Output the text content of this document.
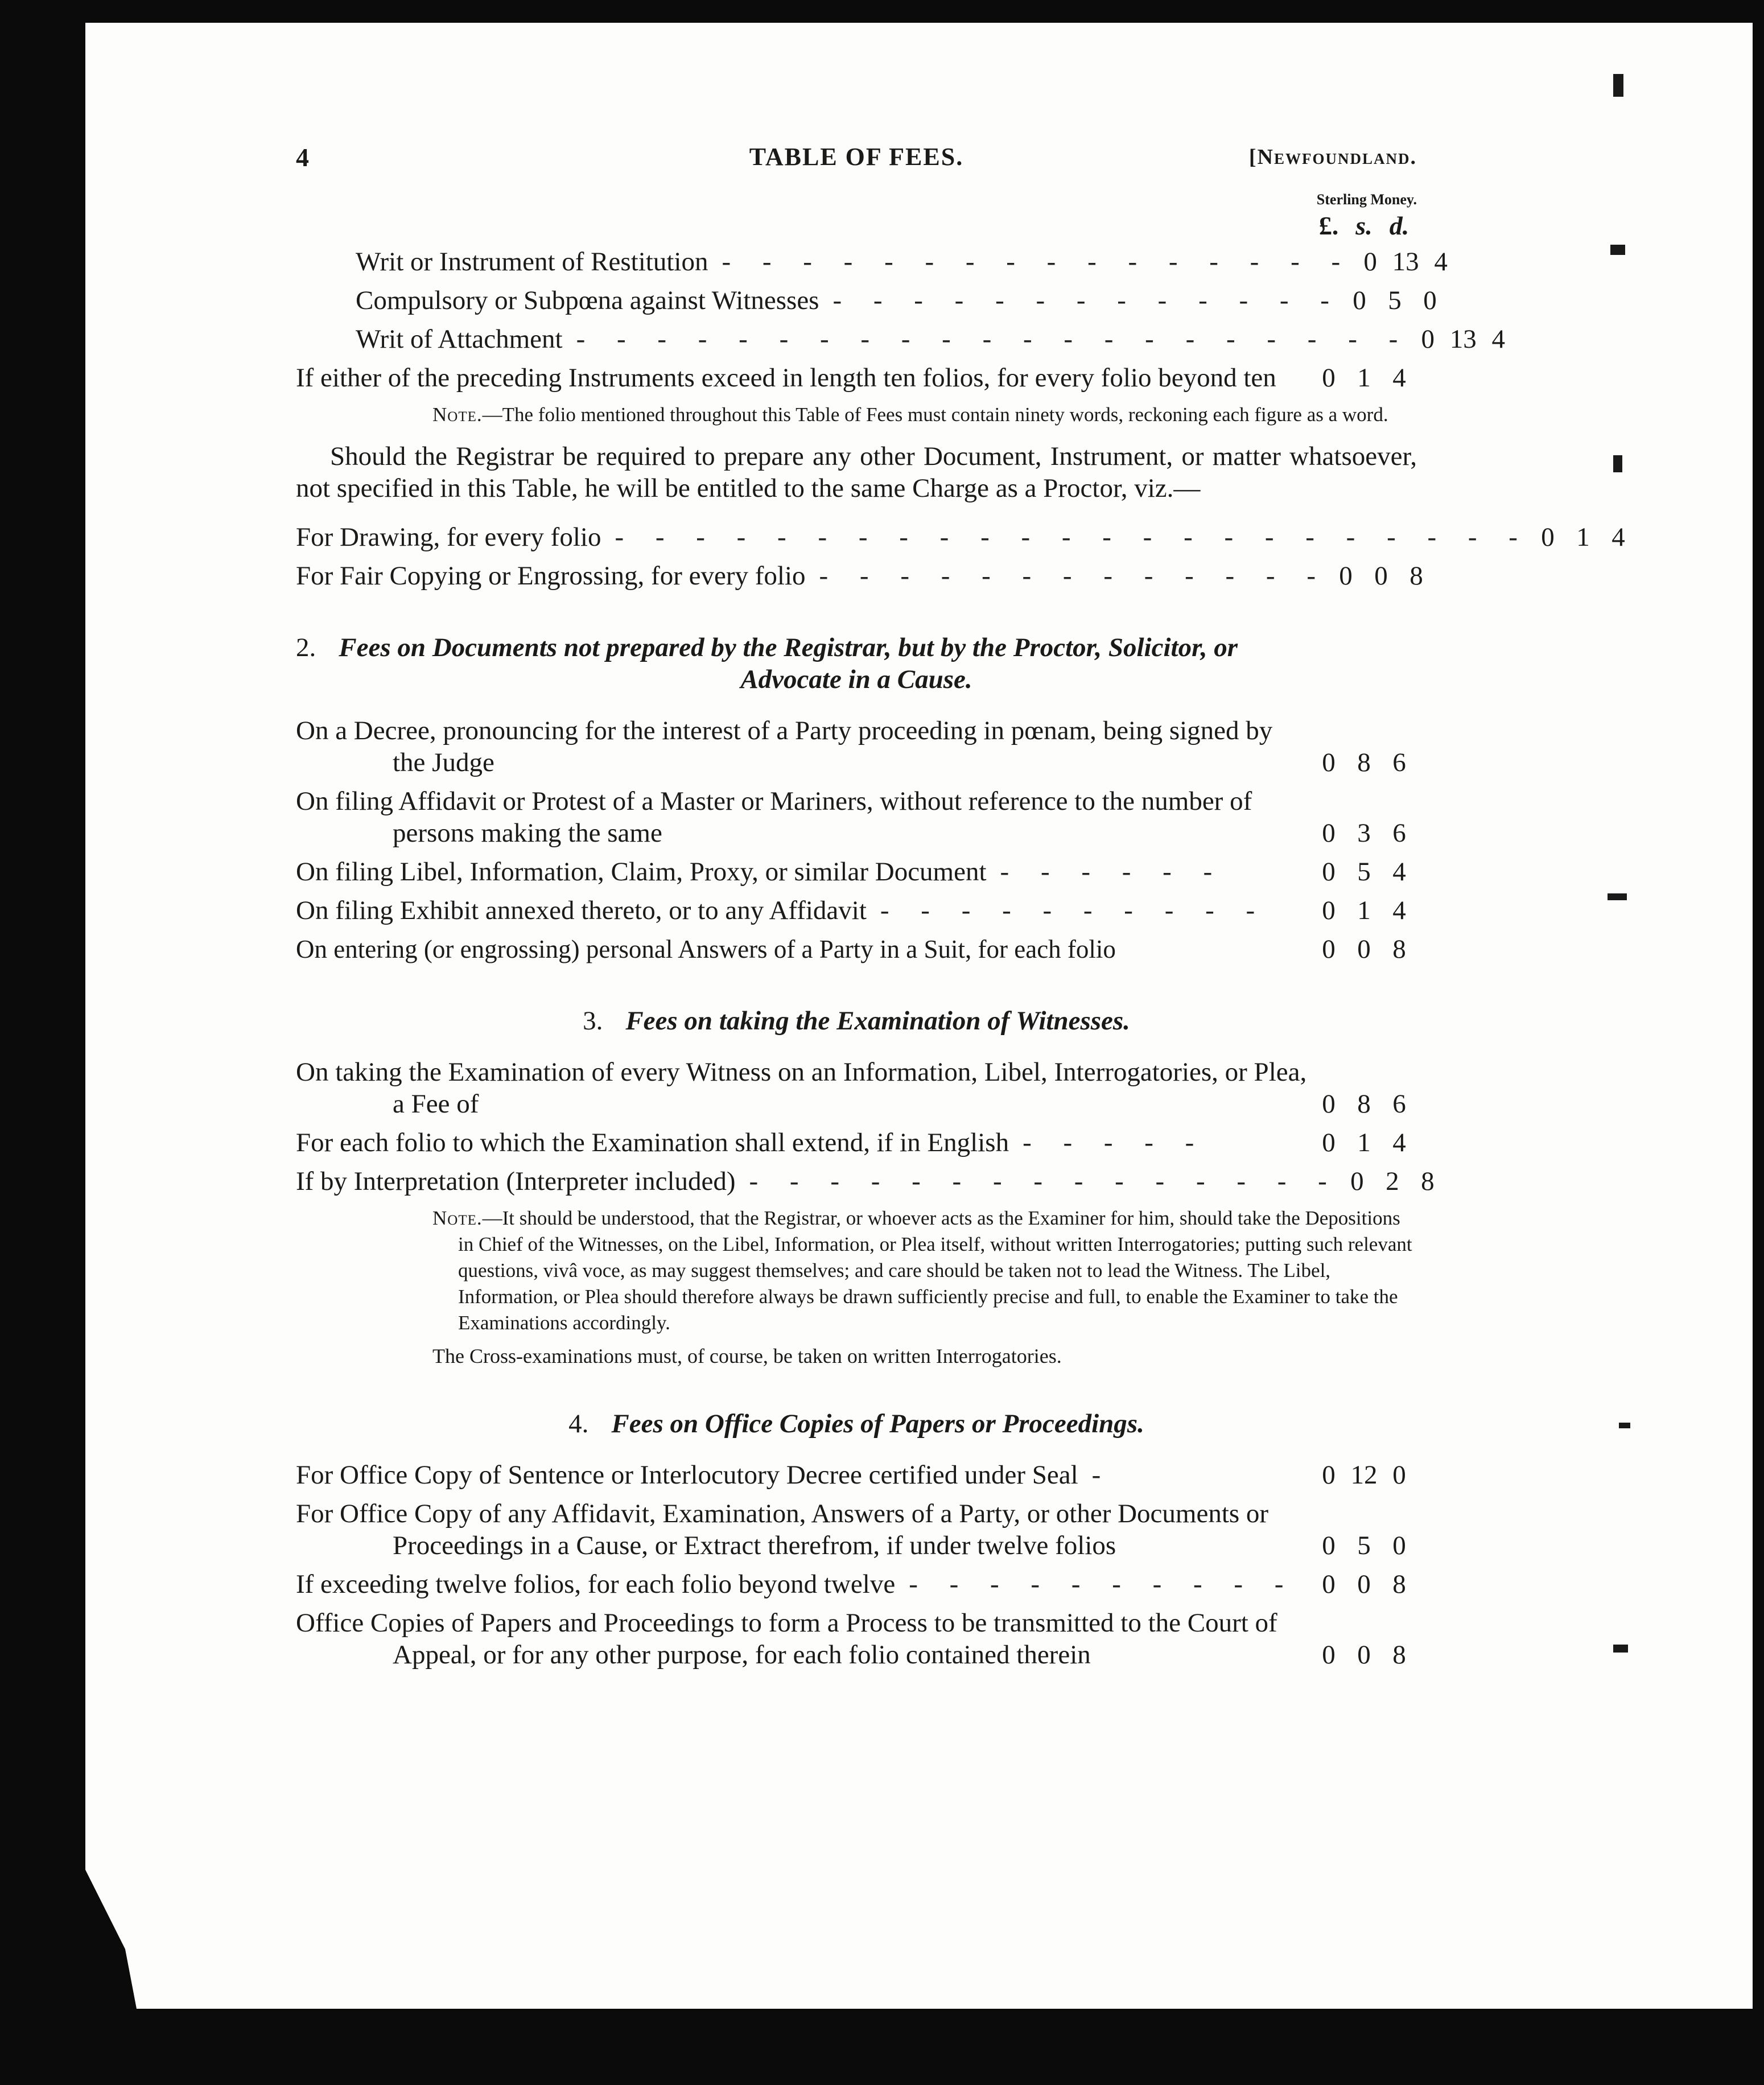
4	TABLE OF FEES.	[Newfoundland.
Sterling Money.
£. s. d.
Writ or Instrument of Restitution - - - - - - - - - - - - - - - - 0 13 4
Compulsory or Subpœna against Witnesses - - - - - - - - - - - - - 0 5 0
Writ of Attachment - - - - - - - - - - - - - - - - - - - - - 0 13 4
If either of the preceding Instruments exceed in length ten folios, for every folio beyond ten	0 1 4
Note.—The folio mentioned throughout this Table of Fees must contain ninety words, reckoning each figure as a word.
Should the Registrar be required to prepare any other Document, Instrument, or matter whatsoever, not specified in this Table, he will be entitled to the same Charge as a Proctor, viz.—
For Drawing, for every folio - - - - - - - - - - - - - - - - - - - - - - - 0 1 4
For Fair Copying or Engrossing, for every folio - - - - - - - - - - - - - 0 0 8
2. Fees on Documents not prepared by the Registrar, but by the Proctor, Solicitor, or
Advocate in a Cause.
On a Decree, pronouncing for the interest of a Party proceeding in pœnam, being signed by the Judge	0 8 6
On filing Affidavit or Protest of a Master or Mariners, without reference to the number of persons making the same	0 3 6
On filing Libel, Information, Claim, Proxy, or similar Document - - - - - -	0 5 4
On filing Exhibit annexed thereto, or to any Affidavit - - - - - - - - - -	0 1 4
On entering (or engrossing) personal Answers of a Party in a Suit, for each folio	0 0 8
3. Fees on taking the Examination of Witnesses.
On taking the Examination of every Witness on an Information, Libel, Interrogatories, or Plea, a Fee of	0 8 6
For each folio to which the Examination shall extend, if in English - - - - -	0 1 4
If by Interpretation (Interpreter included) - - - - - - - - - - - - - - - 0 2 8
Note.—It should be understood, that the Registrar, or whoever acts as the Examiner for him, should take the Depositions in Chief of the Witnesses, on the Libel, Information, or Plea itself, without written Interrogatories; putting such relevant questions, vivâ voce, as may suggest themselves; and care should be taken not to lead the Witness. The Libel, Information, or Plea should therefore always be drawn sufficiently precise and full, to enable the Examiner to take the Examinations accordingly.
The Cross-examinations must, of course, be taken on written Interrogatories.
4. Fees on Office Copies of Papers or Proceedings.
For Office Copy of Sentence or Interlocutory Decree certified under Seal -	0 12 0
For Office Copy of any Affidavit, Examination, Answers of a Party, or other Documents or Proceedings in a Cause, or Extract therefrom, if under twelve folios	0 5 0
If exceeding twelve folios, for each folio beyond twelve - - - - - - - - - - 0 0 8
Office Copies of Papers and Proceedings to form a Process to be transmitted to the Court of Appeal, or for any other purpose, for each folio contained therein	0 0 8
